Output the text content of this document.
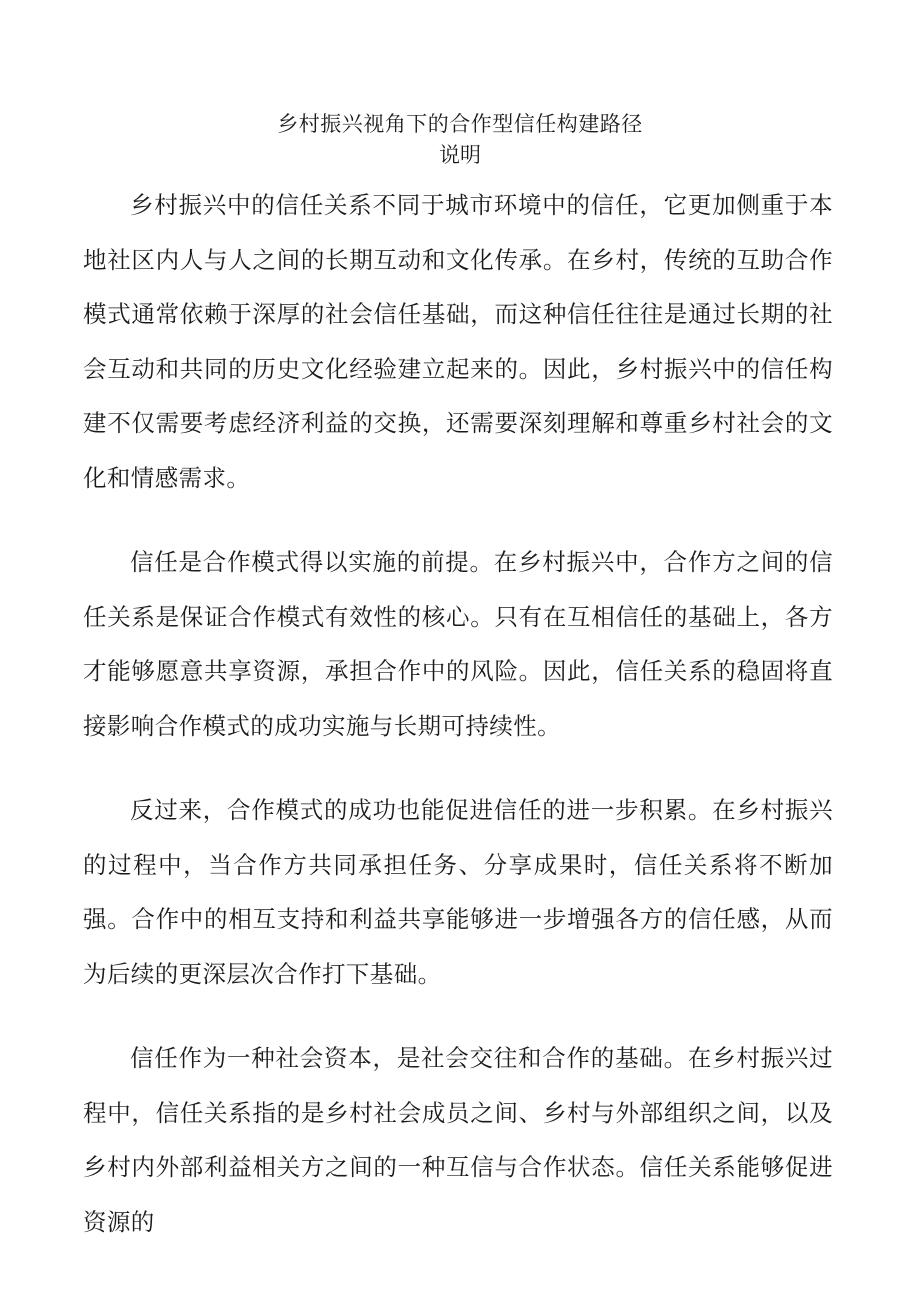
乡村振兴视角下的合作型信任构建路径
说明

乡村振兴中的信任关系不同于城市环境中的信任，它更加侧重于本地社区内人与人之间的长期互动和文化传承。在乡村，传统的互助合作模式通常依赖于深厚的社会信任基础，而这种信任往往是通过长期的社会互动和共同的历史文化经验建立起来的。因此，乡村振兴中的信任构建不仅需要考虑经济利益的交换，还需要深刻理解和尊重乡村社会的文化和情感需求。

信任是合作模式得以实施的前提。在乡村振兴中，合作方之间的信任关系是保证合作模式有效性的核心。只有在互相信任的基础上，各方才能够愿意共享资源，承担合作中的风险。因此，信任关系的稳固将直接影响合作模式的成功实施与长期可持续性。

反过来，合作模式的成功也能促进信任的进一步积累。在乡村振兴的过程中，当合作方共同承担任务、分享成果时，信任关系将不断加强。合作中的相互支持和利益共享能够进一步增强各方的信任感，从而为后续的更深层次合作打下基础。

信任作为一种社会资本，是社会交往和合作的基础。在乡村振兴过程中，信任关系指的是乡村社会成员之间、乡村与外部组织之间，以及乡村内外部利益相关方之间的一种互信与合作状态。信任关系能够促进资源的
